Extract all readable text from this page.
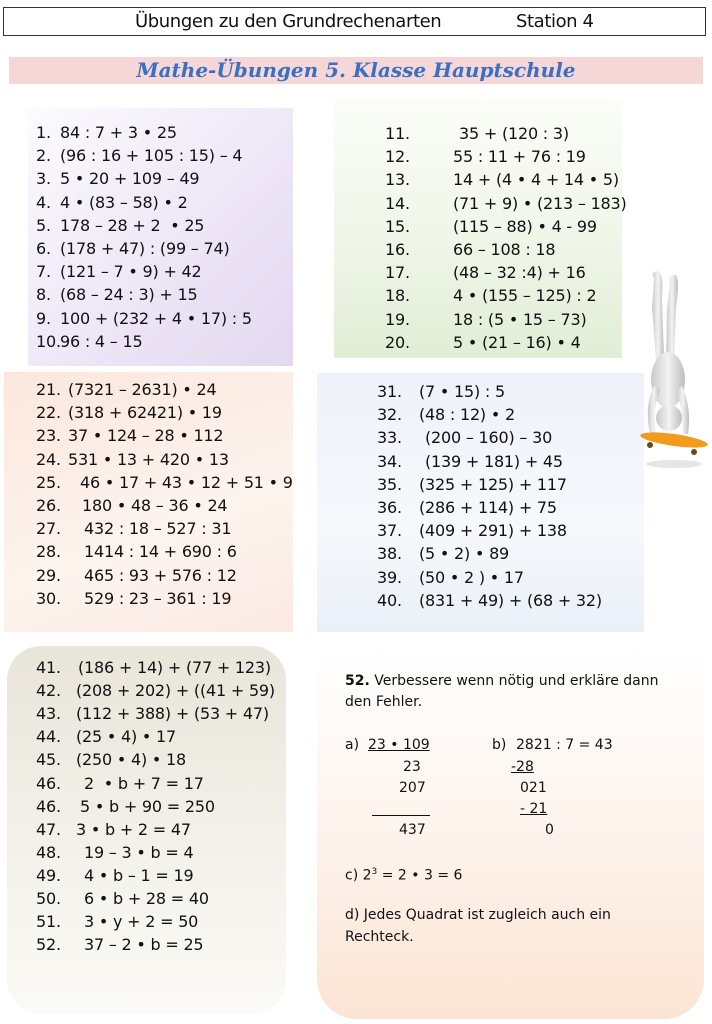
Übungen zu den Grundrechenarten	Station 4
Mathe-Übungen 5. Klasse Hauptschule
1. 84 : 7 + 3 • 25
2. (96 : 16 + 105 : 15) – 4
3. 5 • 20 + 109 – 49
4. 4 • (83 – 58) • 2
5. 178 – 28 + 2  • 25
6. (178 + 47) : (99 – 74)
7. (121 – 7 • 9) + 42
8. (68 – 24 : 3) + 15
9. 100 + (232 + 4 • 17) : 5
10. 96 : 4 – 15
11.	35 + (120 : 3)
12.	55 : 11 + 76 : 19
13.	14 + (4 • 4 + 14 • 5)
14.	(71 + 9) • (213 – 183)
15.	(115 – 88) • 4 - 99
16.	66 – 108 : 18
17.	(48 – 32 :4) + 16
18.	4 • (155 – 125) : 2
19.	18 : (5 • 15 – 73)
20.	5 • (21 – 16) • 4
21. (7321 – 2631) • 24
22. (318 + 62421) • 19
23. 37 • 124 – 28 • 112
24. 531 • 13 + 420 • 13
25. 46 • 17 + 43 • 12 + 51 • 9
26. 180 • 48 – 36 • 24
27. 432 : 18 – 527 : 31
28. 1414 : 14 + 690 : 6
29. 465 : 93 + 576 : 12
30. 529 : 23 – 361 : 19
31. (7 • 15) : 5
32. (48 : 12) • 2
33. (200 – 160) – 30
34. (139 + 181) + 45
35. (325 + 125) + 117
36. (286 + 114) + 75
37. (409 + 291) + 138
38. (5 • 2) • 89
39. (50 • 2 ) • 17
40. (831 + 49) + (68 + 32)
41. (186 + 14) + (77 + 123)
42. (208 + 202) + ((41 + 59)
43. (112 + 388) + (53 + 47)
44. (25 • 4) • 17
45. (250 • 4) • 18
46. 2  • b + 7 = 17
46. 5 • b + 90 = 250
47. 3 • b + 2 = 47
48. 19 – 3 • b = 4
49. 4 • b – 1 = 19
50. 6 • b + 28 = 40
51. 3 • y + 2 = 50
52. 37 – 2 • b = 25
52. Verbessere wenn nötig und erkläre dann
den Fehler.
a) 23 • 109
23
207
437
b) 2821 : 7 = 43
-28
021
- 21
0
c) $2^3 = 2$ • 3 = 6
d) Jedes Quadrat ist zugleich auch ein
Rechteck.
